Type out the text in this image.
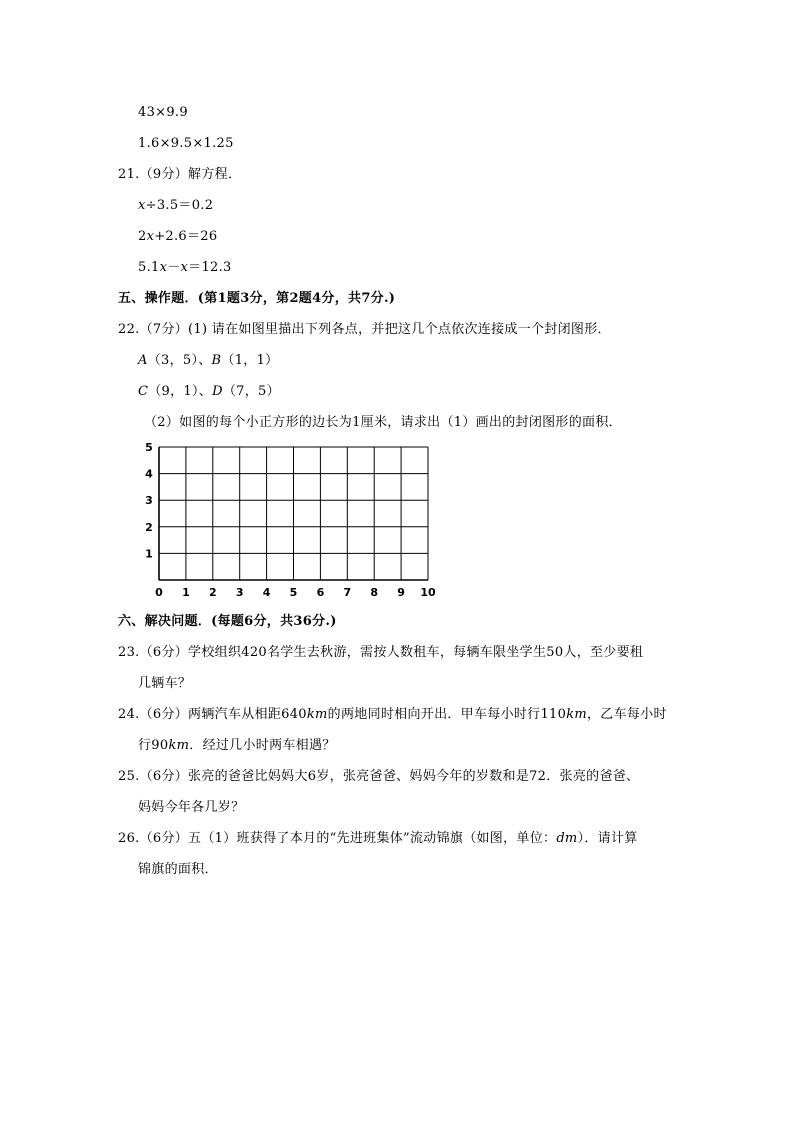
43×9.9
1.6×9.5×1.25
21.（9分）解方程．
x÷3.5＝0.2
2x+2.6＝26
5.1x－x＝12.3
五、操作题．(第1题3分，第2题4分，共7分.)
22.（7分）(1) 请在如图里描出下列各点，并把这几个点依次连接成一个封闭图形．
A（3，5）、B（1，1）
C（9，1）、D（7，5）
（2）如图的每个小正方形的边长为1厘米，请求出（1）画出的封闭图形的面积．
0 1 2 3 4 5 6 7 8 9 10
1
2
3
4
5
六、解决问题．(每题6分，共36分.)
23.（6分）学校组织420名学生去秋游，需按人数租车，每辆车限坐学生50人，至少要租
几辆车？
24.（6分）两辆汽车从相距640km的两地同时相向开出．甲车每小时行110km，乙车每小时
行90km．经过几小时两车相遇？
25.（6分）张亮的爸爸比妈妈大6岁，张亮爸爸、妈妈今年的岁数和是72．张亮的爸爸、
妈妈今年各几岁？
26.（6分）五（1）班获得了本月的“先进班集体”流动锦旗（如图，单位：dm）．请计算
锦旗的面积．
